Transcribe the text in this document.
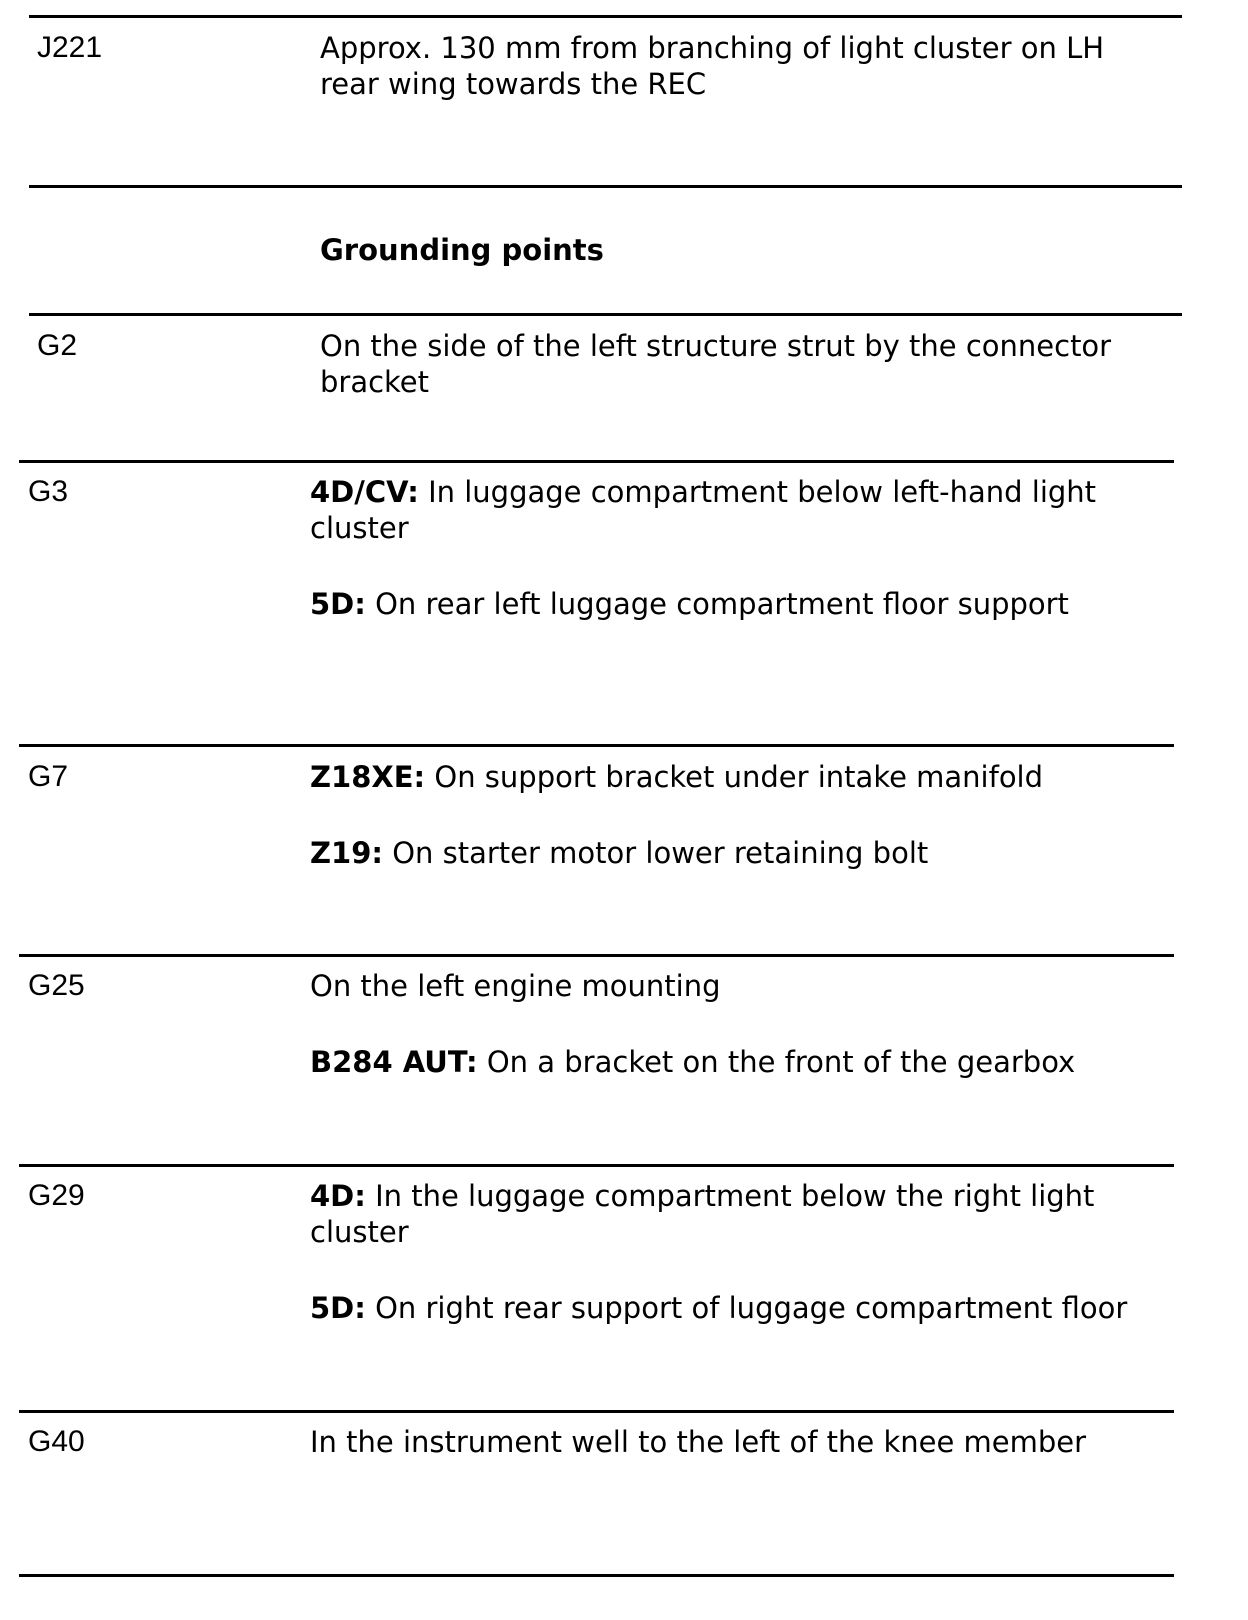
J221	Approx. 130 mm from branching of light cluster on LH rear wing towards the REC

Grounding points
G2	On the side of the left structure strut by the connector bracket

G3	4D/CV: In luggage compartment below left-hand light cluster

5D: On rear left luggage compartment floor support

G7	Z18XE: On support bracket under intake manifold

Z19: On starter motor lower retaining bolt

G25	On the left engine mounting

B284 AUT: On a bracket on the front of the gearbox

G29	4D: In the luggage compartment below the right light cluster

5D: On right rear support of luggage compartment floor

G40	In the instrument well to the left of the knee member
